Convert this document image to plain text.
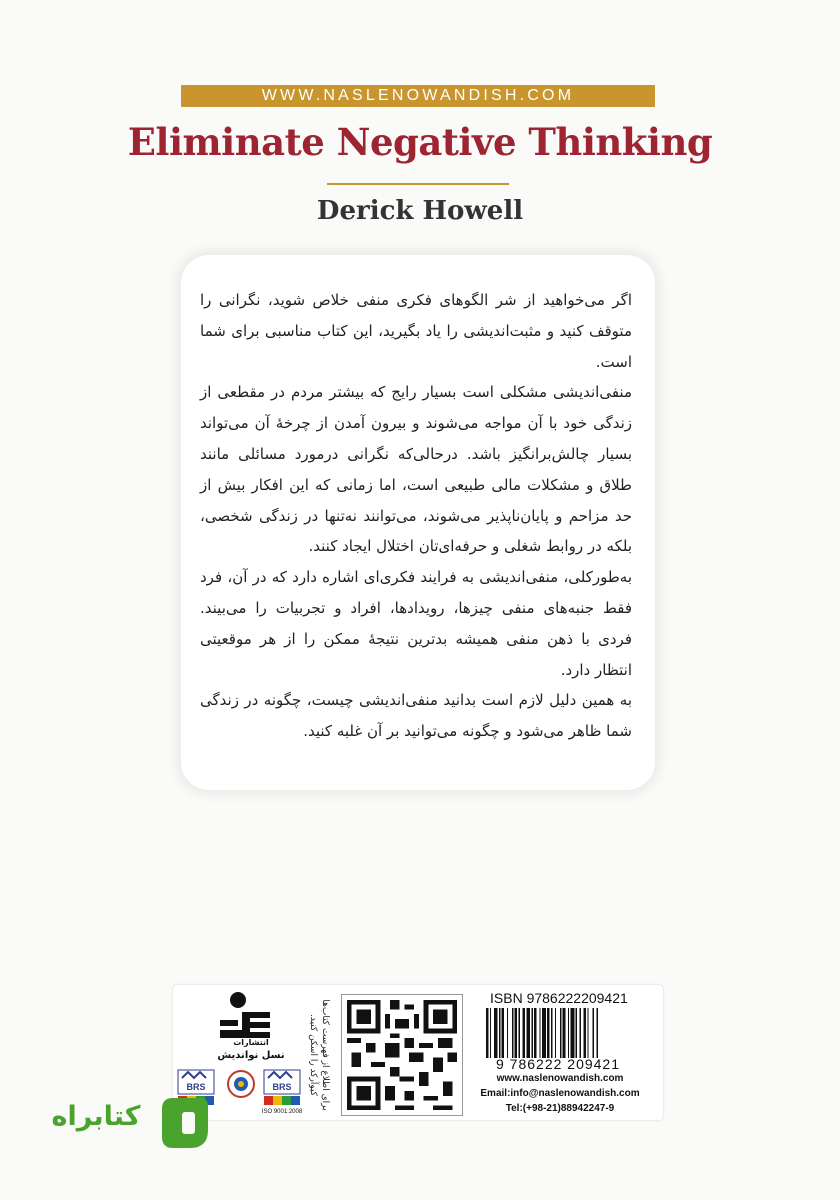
WWW.NASLENOWANDISH.COM
Eliminate Negative Thinking
Derick Howell

اگر می‌خواهید از شر الگوهای فکری منفی خلاص شوید، نگرانی را متوقف کنید و مثبت‌اندیشی را یاد بگیرید، این کتاب مناسبی برای شما است.

منفی‌اندیشی مشکلی است بسیار رایج که بیشتر مردم در مقطعی از زندگی خود با آن مواجه می‌شوند و بیرون آمدن از چرخهٔ آن می‌تواند بسیار چالش‌برانگیز باشد. درحالی‌که نگرانی درمورد مسائلی مانند طلاق و مشکلات مالی طبیعی است، اما زمانی که این افکار بیش از حد مزاحم و پایان‌ناپذیر می‌شوند، می‌توانند نه‌تنها در زندگی شخصی، بلکه در روابط شغلی و حرفه‌ای‌تان اختلال ایجاد کنند.

به‌طورکلی، منفی‌اندیشی به فرایند فکری‌ای اشاره دارد که در آن، فرد فقط جنبه‌های منفی چیزها، رویدادها، افراد و تجربیات را می‌بیند. فردی با ذهن منفی همیشه بدترین نتیجهٔ ممکن را از هر موقعیتی انتظار دارد.

به همین دلیل لازم است بدانید منفی‌اندیشی چیست، چگونه در زندگی شما ظاهر می‌شود و چگونه می‌توانید بر آن غلبه کنید.

انتشارات
نسل نواندیش
BRS	BRS
ISO 9001:2008
برای اطلاع از فهرست کتاب‌ها کیوآرکد را اسکن کنید.
ISBN 9786222209421
9 786222 209421
www.naslenowandish.com
Email:info@naslenowandish.com
Tel:(+98-21)88942247-9
کتابراه
